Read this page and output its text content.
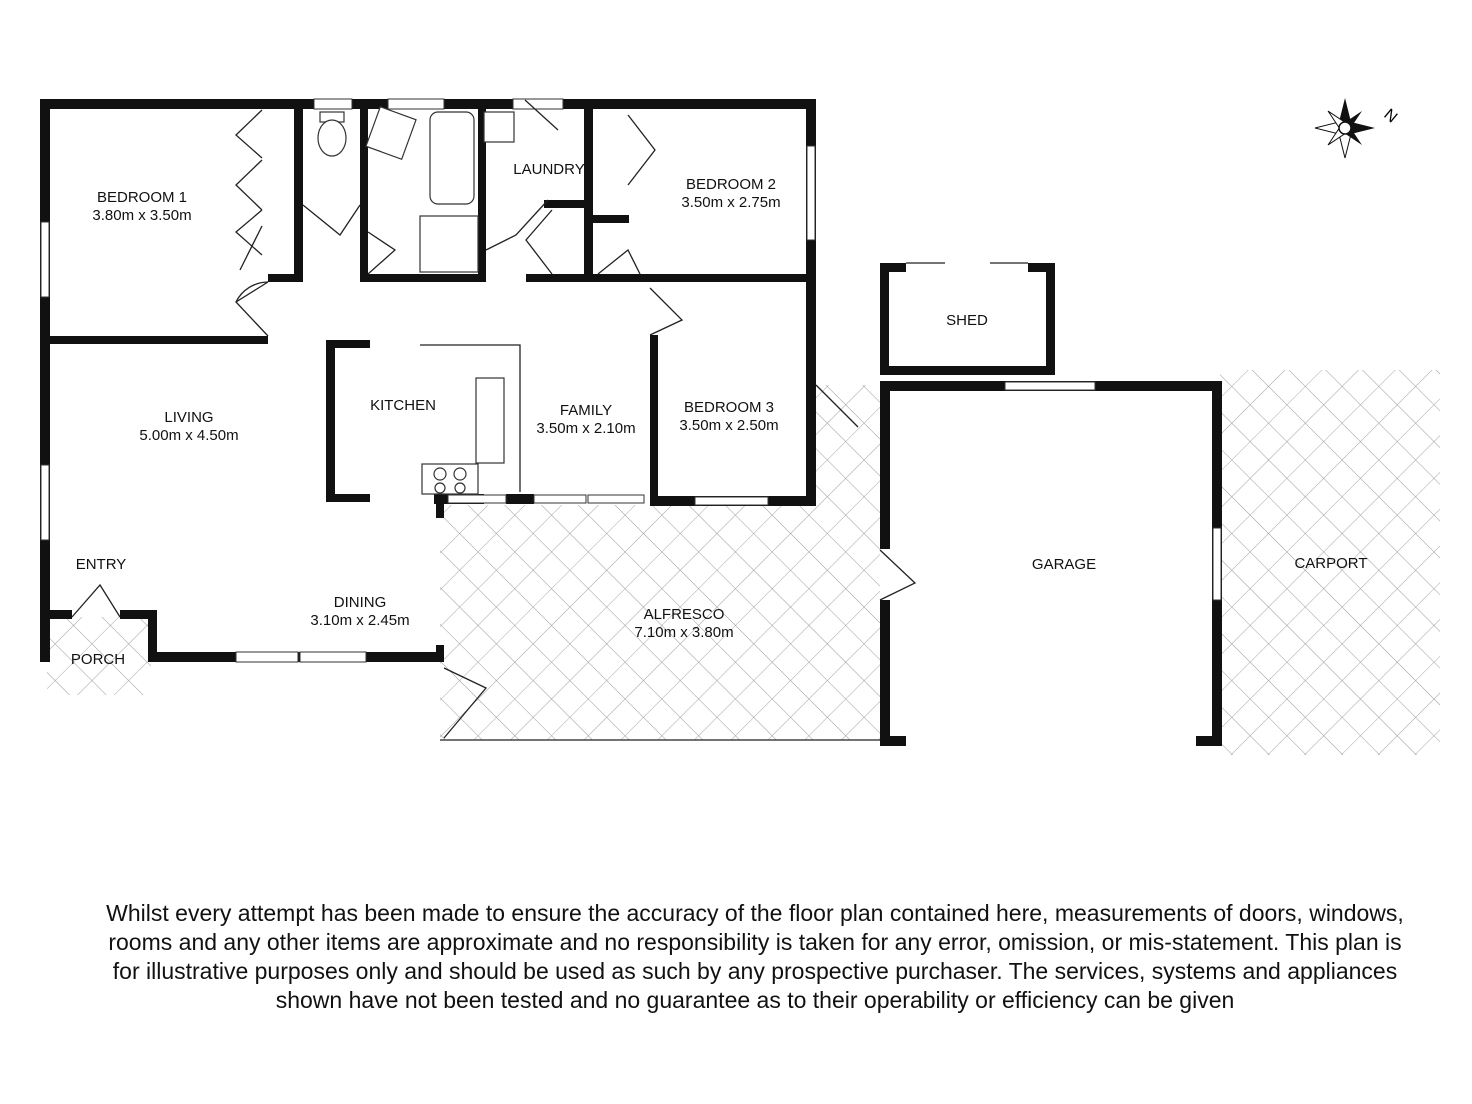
N
BEDROOM 1
3.80m x 3.50m
BEDROOM 2
3.50m x 2.75m
BEDROOM 3
3.50m x 2.50m
LAUNDRY
LIVING
5.00m x 4.50m
KITCHEN	FAMILY
3.50m x 2.10m
ENTRY
PORCH
DINING
3.10m x 2.45m	ALFRESCO
7.10m x 3.80m
SHED
GARAGE	CARPORT
Whilst every attempt has been made to ensure the accuracy of the floor plan contained here, measurements of doors, windows, rooms and any other items are approximate and no responsibility is taken for any error, omission, or mis-statement. This plan is for illustrative purposes only and should be used as such by any prospective purchaser. The services, systems and appliances shown have not been tested and no guarantee as to their operability or efficiency can be given
